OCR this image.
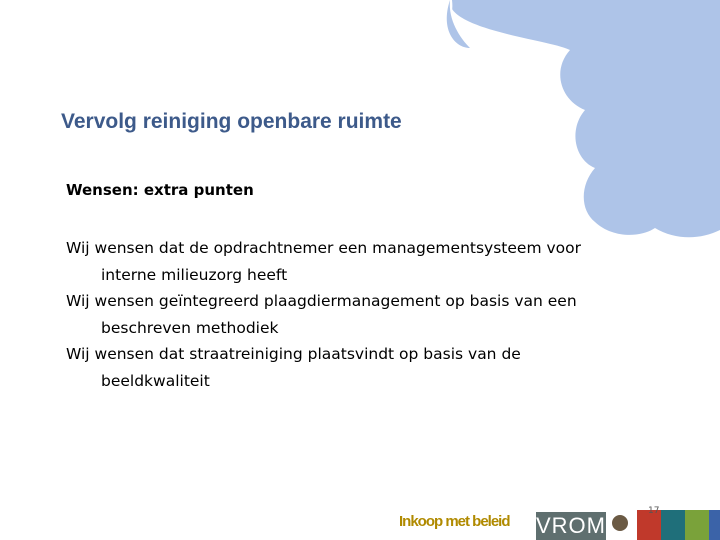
Vervolg reiniging openbare ruimte
Wensen: extra punten
Wij wensen dat de opdrachtnemer een managementsysteem voor interne milieuzorg heeft
Wij wensen geïntegreerd plaagdiermanagement op basis van een beschreven methodiek
Wij wensen dat straatreiniging plaatsvindt op basis van de beeldkwaliteit
Inkoop met beleid VROM
17
